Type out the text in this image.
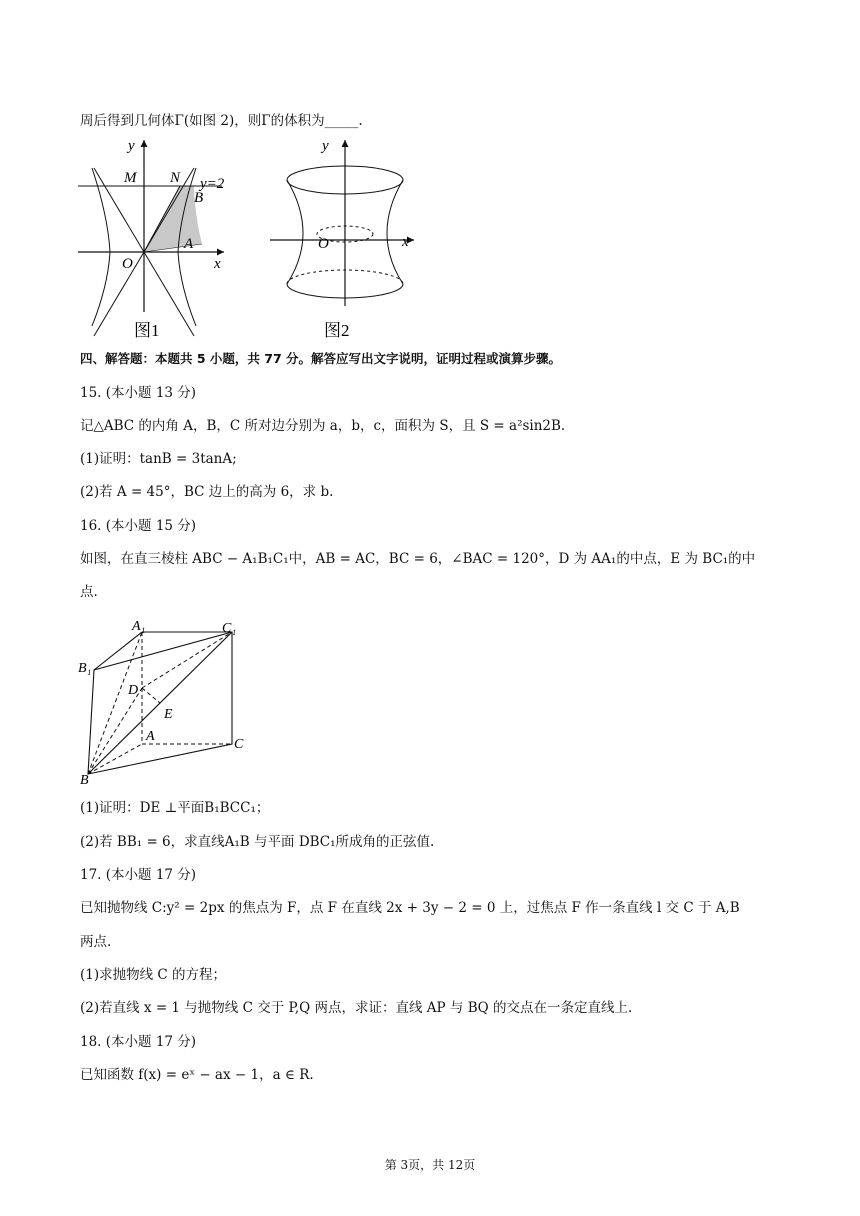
周后得到几何体Γ(如图 2)，则Γ的体积为_____.
y
x
M N
B
A
O
y=2
图1
y
x
O
图2
四、解答题：本题共 5 小题，共 77 分。解答应写出文字说明，证明过程或演算步骤。
15. (本小题 13 分)
记△ABC 的内角 A，B，C 所对边分别为 a，b，c，面积为 S，且 S = a²sin2B.
(1)证明：tanB = 3tanA;
(2)若 A = 45°，BC 边上的高为 6，求 b.
16. (本小题 15 分)
如图，在直三棱柱 ABC − A₁B₁C₁中，AB = AC，BC = 6，∠BAC = 120°，D 为 AA₁的中点，E 为 BC₁的中
点.
A₁	C₁
B₁
D
E
A
C
B
(1)证明：DE ⊥平面B₁BCC₁；
(2)若 BB₁ = 6，求直线A₁B 与平面 DBC₁所成角的正弦值.
17. (本小题 17 分)
已知抛物线 C:y² = 2px 的焦点为 F，点 F 在直线 2x + 3y − 2 = 0 上，过焦点 F 作一条直线 l 交 C 于 A,B
两点.
(1)求抛物线 C 的方程；
(2)若直线 x = 1 与抛物线 C 交于 P,Q 两点，求证：直线 AP 与 BQ 的交点在一条定直线上.
18. (本小题 17 分)
已知函数 f(x) = eˣ − ax − 1，a ∈ R.
第 3页，共 12页
